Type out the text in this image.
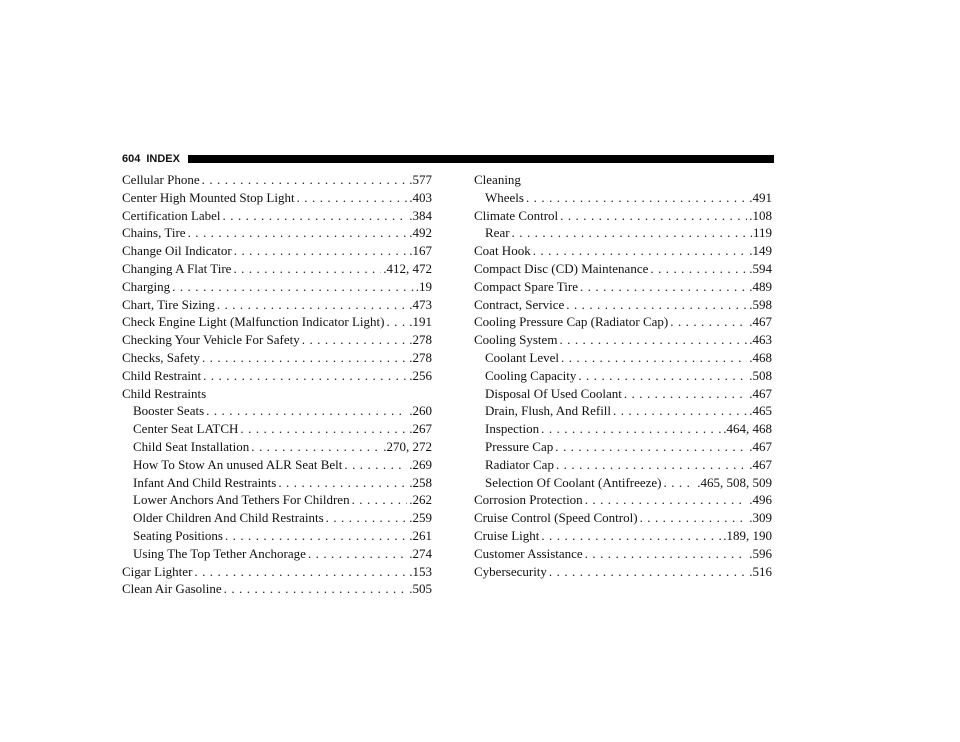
604 INDEX
Cellular Phone . . .	.577
Center High Mounted Stop Light . . .	.403
Certification Label . . .	.384
Chains, Tire . . .	.492
Change Oil Indicator . . .	.167
Changing A Flat Tire . . .	.412, 472
Charging . . .	.19
Chart, Tire Sizing . . .	.473
Check Engine Light (Malfunction Indicator Light) . . . .191
Checking Your Vehicle For Safety . . .	.278
Checks, Safety . . .	.278
Child Restraint . . .	.256
Child Restraints
Booster Seats . . .	.260
Center Seat LATCH . . .	.267
Child Seat Installation . . .	.270, 272
How To Stow An unused ALR Seat Belt . . .	.269
Infant And Child Restraints . . .	.258
Lower Anchors And Tethers For Children . . .	.262
Older Children And Child Restraints . . .	.259
Seating Positions . . .	.261
Using The Top Tether Anchorage . . .	.274
Cigar Lighter . . .	.153
Clean Air Gasoline . . .	.505
Cleaning
Wheels . . .	.491
Climate Control . . .	.108
Rear . . .	.119
Coat Hook . . .	.149
Compact Disc (CD) Maintenance . . .	.594
Compact Spare Tire . . .	.489
Contract, Service . . .	.598
Cooling Pressure Cap (Radiator Cap) . . .	.467
Cooling System . . .	.463
Coolant Level . . .	.468
Cooling Capacity . . .	.508
Disposal Of Used Coolant . . .	.467
Drain, Flush, And Refill . . .	.465
Inspection . . .	.464, 468
Pressure Cap . . .	.467
Radiator Cap . . .	.467
Selection Of Coolant (Antifreeze) . . .	.465, 508, 509
Corrosion Protection . . .	.496
Cruise Control (Speed Control) . . .	.309
Cruise Light . . .	.189, 190
Customer Assistance . . .	.596
Cybersecurity . . .	.516
